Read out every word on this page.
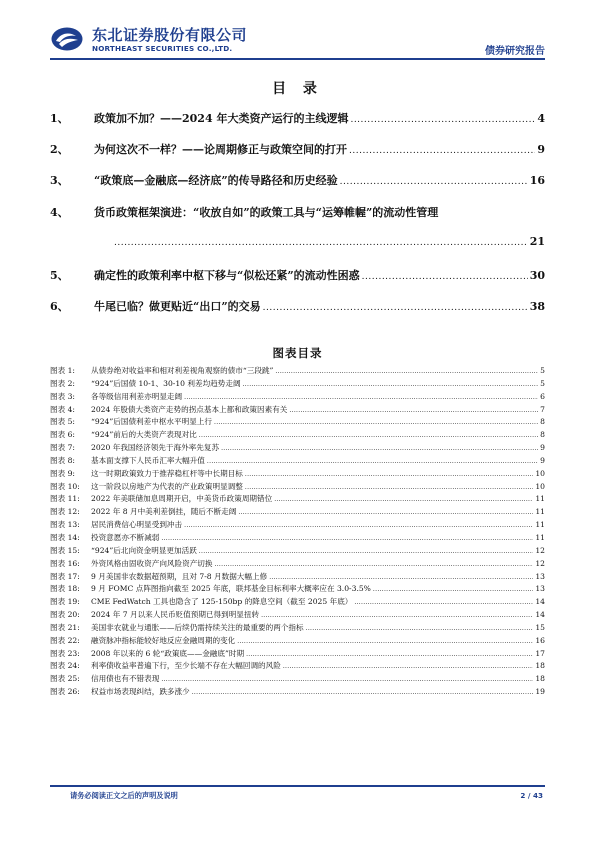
东北证券股份有限公司
NORTHEAST SECURITIES CO.,LTD.	债券研究报告
目 录
1、 政策加不加？——2024 年大类资产运行的主线逻辑 .....	4
2、 为何这次不一样？——论周期修正与政策空间的打开 .....	9
3、 “政策底—金融底—经济底”的传导路径和历史经验 .....	16
4、 货币政策框架演进：“收放自如”的政策工具与“运筹帷幄”的流动性管理
.....
21
5、 确定性的政策利率中枢下移与“似松还紧”的流动性困惑 .....	30
6、 牛尾已临？做更贴近“出口”的交易 .....	38
图表目录
图表 1:	从债券绝对收益率和相对利差视角观察的债市“三段跳” .....	5
图表 2:	“924”后国债 10-1、30-10 利差均趋势走阔 .....	5
图表 3:	各等级信用利差亦明显走阔 .....	6
图表 4:	2024 年股债大类资产走势的拐点基本上都和政策因素有关 .....	7
图表 5:	“924”后国债利差中枢水平明显上行 .....	8
图表 6:	“924”前后的大类资产表现对比 .....	8
图表 7:	2020 年我国经济领先于海外率先复苏 .....	9
图表 8:	基本面支撑下人民币汇率大幅升值 .....	9
图表 9:	这一时期政策致力于推荐稳杠杆等中长期目标 .....	10
图表 10:	这一阶段以房地产为代表的产业政策明显调整 .....	10
图表 11:	2022 年美联储加息周期开启，中美货币政策周期错位 .....	11
图表 12:	2022 年 8 月中美利差倒挂，随后不断走阔 .....	11
图表 13:	居民消费信心明显受到冲击 .....	11
图表 14:	投资意愿亦不断减弱 .....	11
图表 15:	“924”后北向资金明显更加活跃 .....	12
图表 16:	外资风格由固收资产向风险资产切换 .....	12
图表 17:	9 月美国非农数据超预期，且对 7-8 月数据大幅上修 .....	13
图表 18:	9 月 FOMC 点阵图指向截至 2025 年底，联邦基金目标利率大概率应在 3.0-3.5% .....	13
图表 19:	CME FedWatch 工具也隐含了 125-150bp 的降息空间（截至 2025 年底） .....	14
图表 20:	2024 年 7 月以来人民币贬值预期已得到明显扭转 .....	14
图表 21:	美国非农就业与通胀——后续仍需持续关注的最重要的两个指标 .....	15
图表 22:	融资脉冲指标能较好地反应金融周期的变化 .....	16
图表 23:	2008 年以来的 6 轮“政策底——金融底”时期 .....	17
图表 24:	利率债收益率普遍下行，至少长端不存在大幅回调的风险 .....	18
图表 25:	信用债也有不错表现 .....	18
图表 26:	权益市场表现纠结，跌多涨少 .....	19
请务必阅读正文之后的声明及说明	2 / 43
